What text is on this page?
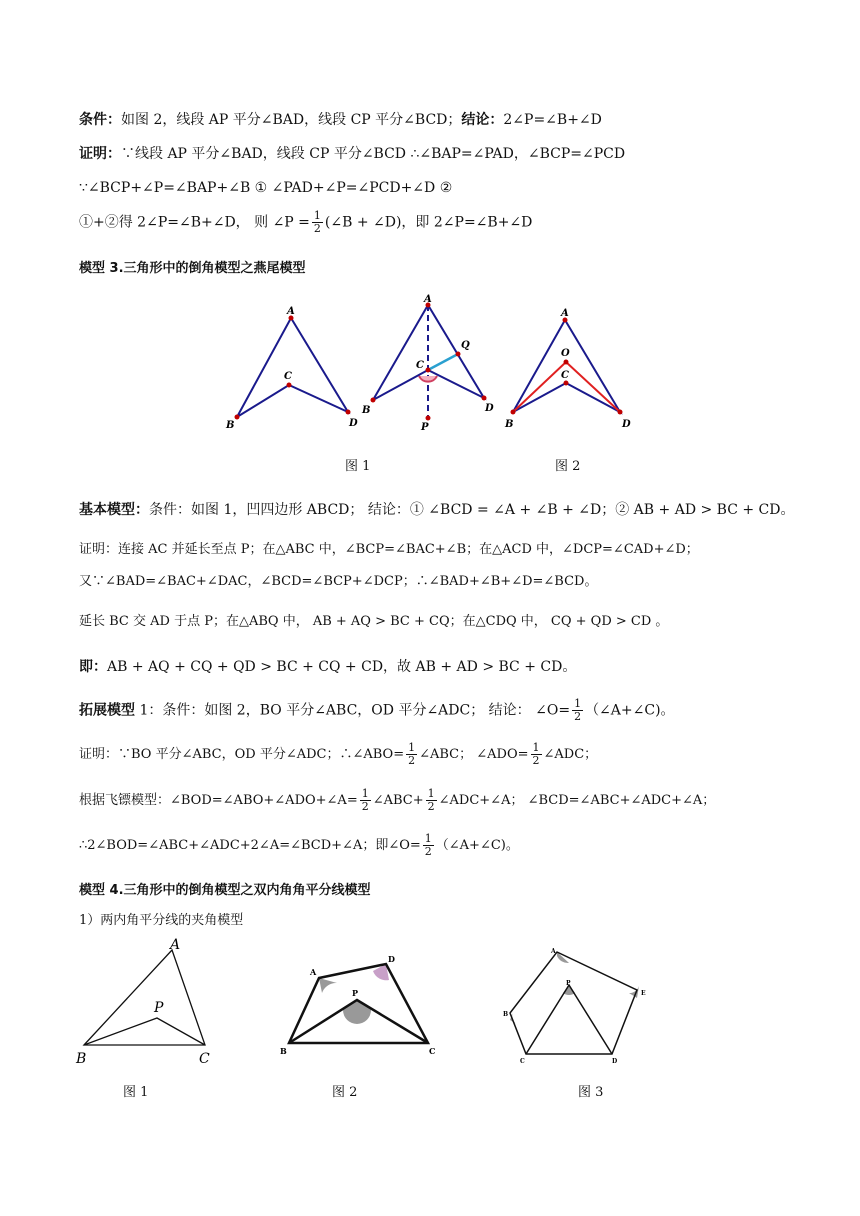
条件：如图 2，线段 AP 平分∠BAD，线段 CP 平分∠BCD；结论：2∠P=∠B+∠D
证明：∵线段 AP 平分∠BAD，线段 CP 平分∠BCD ∴∠BAP=∠PAD，∠BCP=∠PCD
∵∠BCP+∠P=∠BAP+∠B ① ∠PAD+∠P=∠PCD+∠D ②
①+②得 2∠P=∠B+∠D， 则 ∠P = $\frac{1}{2}$ (∠B + ∠D)，即 2∠P=∠B+∠D
模型 3.三角形中的倒角模型之燕尾模型
A
C
B	D
A
C
Q
B	D
P
A
O
C
B	D
图 1	图 2
基本模型：条件：如图 1，凹四边形 ABCD； 结论：① ∠BCD = ∠A + ∠B + ∠D；② AB + AD > BC + CD。
证明：连接 AC 并延长至点 P；在△ABC 中，∠BCP=∠BAC+∠B；在△ACD 中，∠DCP=∠CAD+∠D；
又∵∠BAD=∠BAC+∠DAC，∠BCD=∠BCP+∠DCP；∴∠BAD+∠B+∠D=∠BCD。
延长 BC 交 AD 于点 P；在△ABQ 中， AB + AQ > BC + CQ；在△CDQ 中， CQ + QD > CD 。
即：AB + AQ + CQ + QD > BC + CQ + CD，故 AB + AD > BC + CD。
拓展模型 1：条件：如图 2，BO 平分∠ABC，OD 平分∠ADC； 结论： ∠O= $\frac{1}{2}$ （∠A+∠C)。
证明：∵BO 平分∠ABC，OD 平分∠ADC；∴∠ABO= $\frac{1}{2}$ ∠ABC； ∠ADO= $\frac{1}{2}$ ∠ADC；
根据飞镖模型：∠BOD=∠ABO+∠ADO+∠A= $\frac{1}{2}$ ∠ABC+ $\frac{1}{2}$ ∠ADC+∠A； ∠BCD=∠ABC+∠ADC+∠A；
∴2∠BOD=∠ABC+∠ADC+2∠A=∠BCD+∠A；即∠O= $\frac{1}{2}$ （∠A+∠C)。
模型 4.三角形中的倒角模型之双内角角平分线模型
1）两内角平分线的夹角模型
A
P
B	C
A
D
P
B	C
A
E
B
P
C	D
图 1	图 2	图 3
